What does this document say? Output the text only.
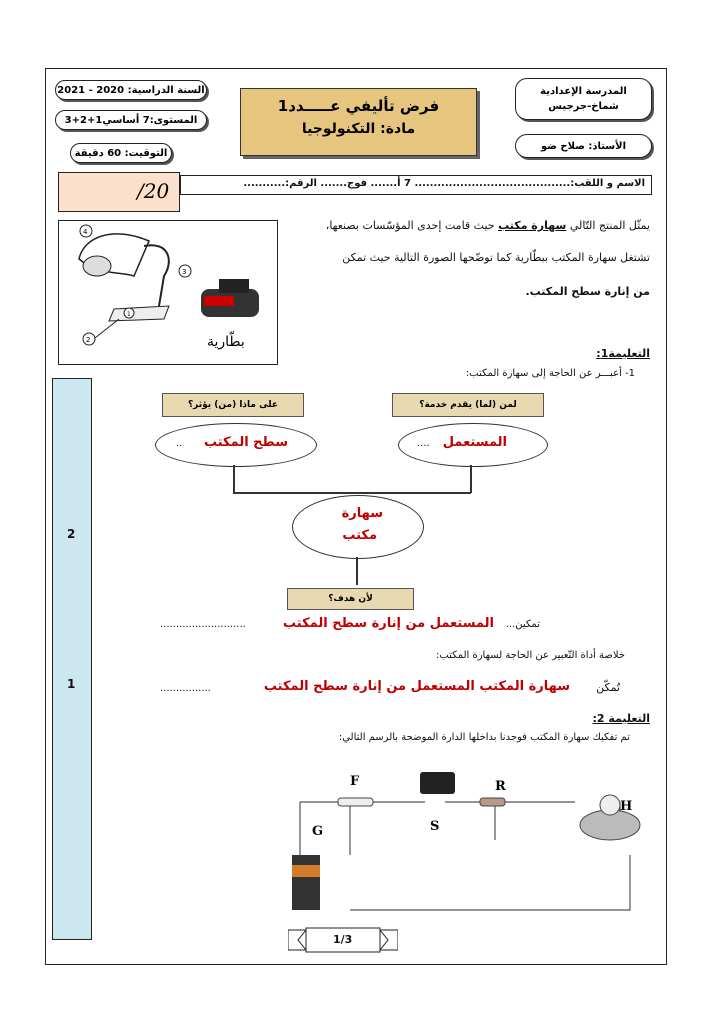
السنة الدراسية: 2020 - 2021
المستوى:7 أساسي1+2+3
التوقيت: 60 دقيقة
فرض تأليفي عـــــدد1
مادة: التكنولوجيا
المدرسة الإعدادية
شماخ-جرجيس
الأستاذ: صلاح ضو
/20	الاسم و اللقب:......................................... 7 أ....... فوج....... الرقم:...........
يمثّل المنتج التّالي سهارة مكتب حيث قامت إحدى المؤسّسات بصنعها،
تشتغل سهارة المكتب ببطّارية كما توضّحها الصورة التالية حيث تمكن
من إنارة سطح المكتب.
4
3
1
2	بطّارية
2
1
التعليمة1:
1- أعبـــر عن الحاجة إلى سهارة المكتب:
على ماذا (من) يؤثر؟	لمن (لما) يقدم خدمة؟
سطح المكتب
..	المستعمل
....
سهارة
مكتب
لأن هدف؟
تمكين...
المستعمل من إنارة سطح المكتب
...........................
خلاصة أداة التّعبير عن الحاجة لسهارة المكتب:
تُمكّن
سهارة المكتب المستعمل من إنارة سطح المكتب
................
التعليمة 2:
تم تفكيك سهارة المكتب فوجدنا بداخلها الدارة الموضحة بالرسم التالي:
F	R
S
H
G
1/3
